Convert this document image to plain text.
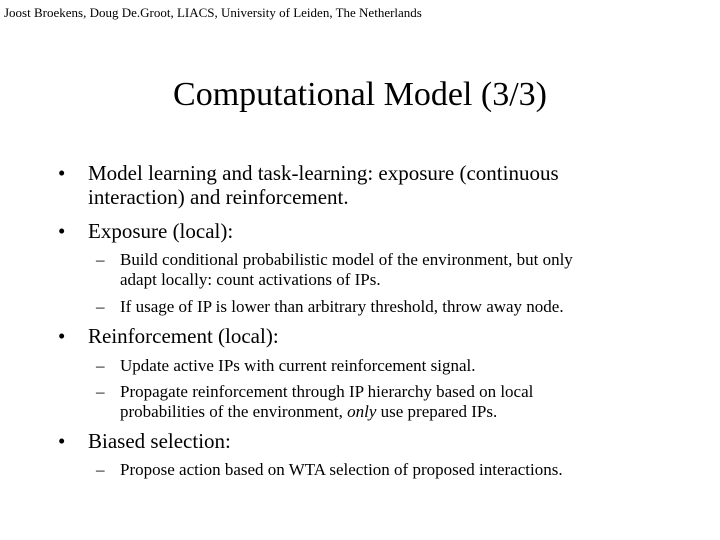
Joost Broekens, Doug De.Groot, LIACS, University of Leiden, The Netherlands
Computational Model (3/3)
• Model learning and task-learning: exposure (continuous
interaction) and reinforcement.
• Exposure (local):
– Build conditional probabilistic model of the environment, but only
adapt locally: count activations of IPs.
– If usage of IP is lower than arbitrary threshold, throw away node.
• Reinforcement (local):
– Update active IPs with current reinforcement signal.
– Propagate reinforcement through IP hierarchy based on local
probabilities of the environment, only use prepared IPs.
• Biased selection:
– Propose action based on WTA selection of proposed interactions.
